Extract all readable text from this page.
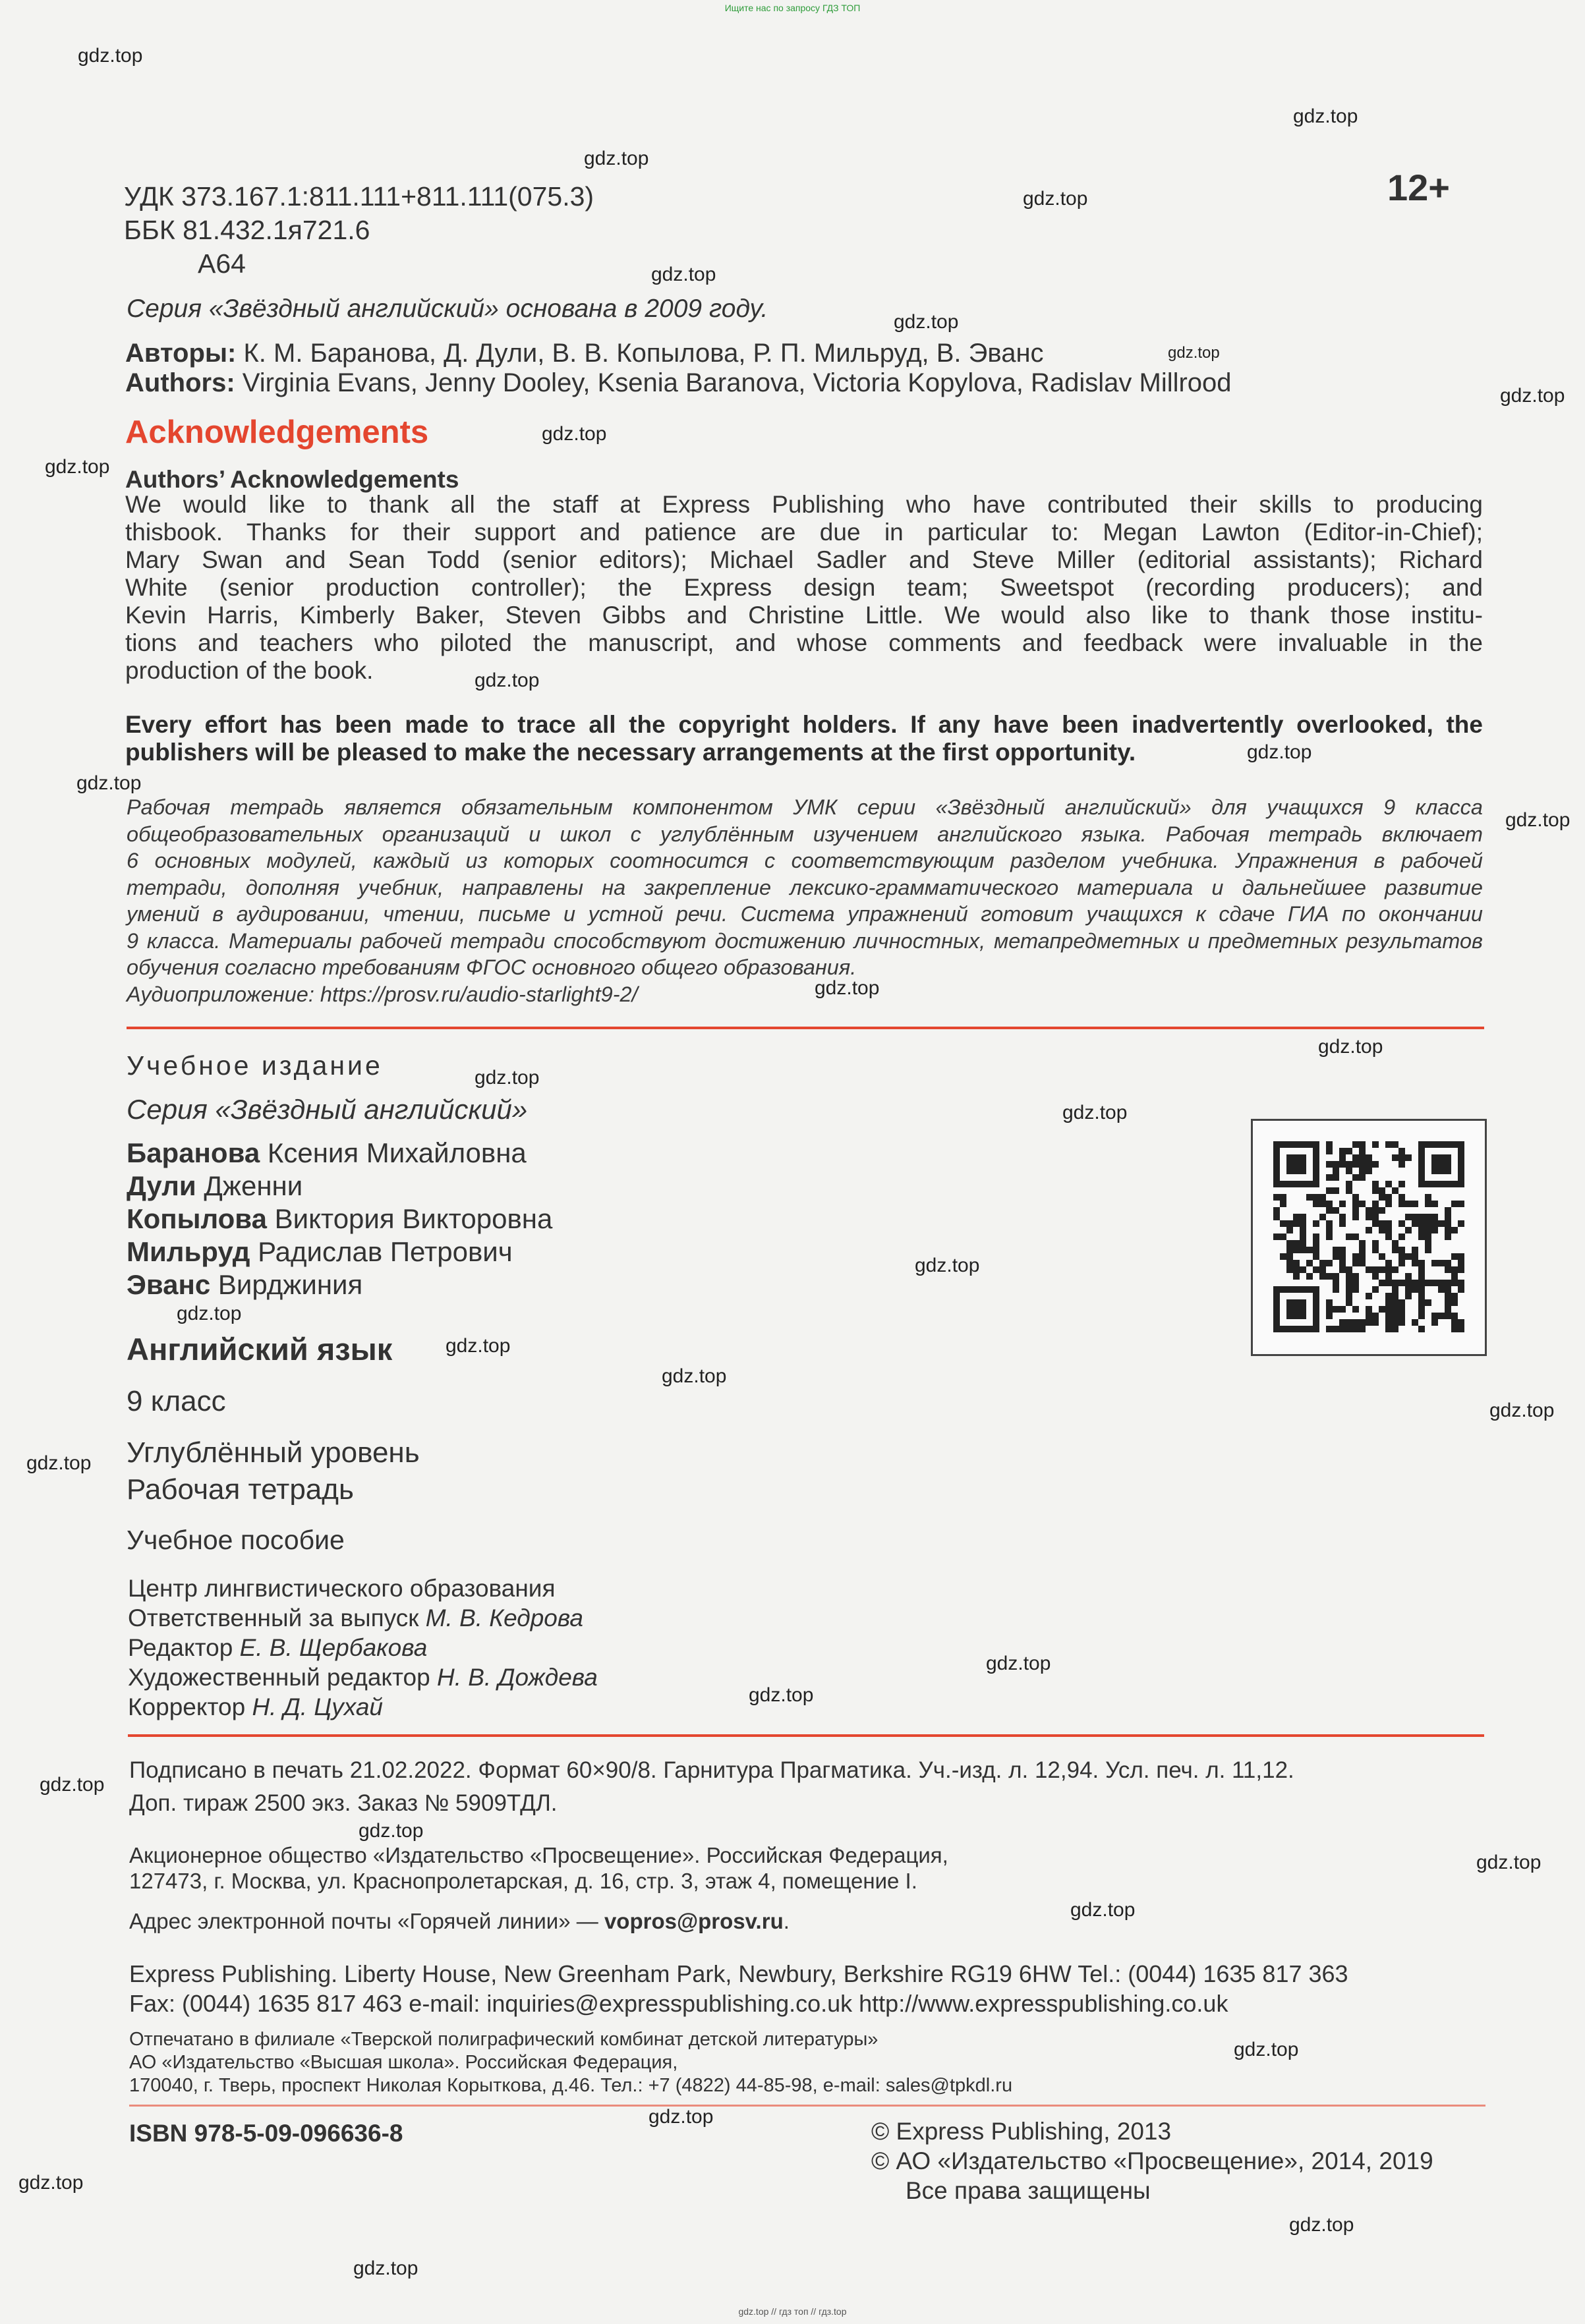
Ищите нас по запросу ГДЗ ТОП
УДК 373.167.1:811.111+811.111(075.3)
ББК 81.432.1я721.6
А64
12+
Серия «Звёздный английский» основана в 2009 году.
Авторы: К. М. Баранова, Д. Дули, В. В. Копылова, Р. П. Мильруд, В. Эванс
Authors: Virginia Evans, Jenny Dooley, Ksenia Baranova, Victoria Kopylova, Radislav Millrood
Acknowledgements
Authors’ Acknowledgements
We would like to thank all the staff at Express Publishing who have contributed their skills to producing
thisbook. Thanks for their support and patience are due in particular to: Megan Lawton (Editor-in-Chief);
Mary Swan and Sean Todd (senior editors); Michael Sadler and Steve Miller (editorial assistants); Richard
White (senior production controller); the Express design team; Sweetspot (recording producers); and
Kevin Harris, Kimberly Baker, Steven Gibbs and Christine Little. We would also like to thank those institu-
tions and teachers who piloted the manuscript, and whose comments and feedback were invaluable in the
production of the book.
Every effort has been made to trace all the copyright holders. If any have been inadvertently overlooked, the
publishers will be pleased to make the necessary arrangements at the first opportunity.
Рабочая тетрадь является обязательным компонентом УМК серии «Звёздный английский» для учащихся 9 класса
общеобразовательных организаций и школ с углублённым изучением английского языка. Рабочая тетрадь включает
6 основных модулей, каждый из которых соотносится с соответствующим разделом учебника. Упражнения в рабочей
тетради, дополняя учебник, направлены на закрепление лексико-грамматического материала и дальнейшее развитие
умений в аудировании, чтении, письме и устной речи. Система упражнений готовит учащихся к сдаче ГИА по окончании
9 класса. Материалы рабочей тетради способствуют достижению личностных, метапредметных и предметных результатов
обучения согласно требованиям ФГОС основного общего образования.
Аудиоприложение: https://prosv.ru/audio-starlight9-2/
Учебное издание
Серия «Звёздный английский»
Баранова Ксения Михайловна
Дули Дженни
Копылова Виктория Викторовна
Мильруд Радислав Петрович
Эванс Вирджиния
Английский язык
9 класс
Углублённый уровень
Рабочая тетрадь
Учебное пособие
Центр лингвистического образования
Ответственный за выпуск М. В. Кедрова
Редактор Е. В. Щербакова
Художественный редактор Н. В. Дождева
Корректор Н. Д. Цухай
Подписано в печать 21.02.2022. Формат 60×90/8. Гарнитура Прагматика. Уч.-изд. л. 12,94. Усл. печ. л. 11,12.
Доп. тираж 2500 экз. Заказ № 5909ТДЛ.
Акционерное общество «Издательство «Просвещение». Российская Федерация,
127473, г. Москва, ул. Краснопролетарская, д. 16, стр. 3, этаж 4, помещение I.
Адрес электронной почты «Горячей линии» — vopros@prosv.ru.
Express Publishing. Liberty House, New Greenham Park, Newbury, Berkshire RG19 6HW Tel.: (0044) 1635 817 363
Fax: (0044) 1635 817 463 e-mail: inquiries@expresspublishing.co.uk http://www.expresspublishing.co.uk
Отпечатано в филиале «Тверской полиграфический комбинат детской литературы»
АО «Издательство «Высшая школа». Российская Федерация,
170040, г. Тверь, проспект Николая Корыткова, д.46. Тел.: +7 (4822) 44-85-98, e-mail: sales@tpkdl.ru
ISBN 978-5-09-096636-8	© Express Publishing, 2013
© АО «Издательство «Просвещение», 2014, 2019
Все права защищены
gdz.top
gdz.top
gdz.top
gdz.top
gdz.top
gdz.top
gdz.top
gdz.top
gdz.top
gdz.top
gdz.top
gdz.top
gdz.top
gdz.top
gdz.top
gdz.top
gdz.top
gdz.top
gdz.top
gdz.top
gdz.top
gdz.top
gdz.top
gdz.top
gdz.top
gdz.top
gdz.top
gdz.top
gdz.top
gdz.top
gdz.top
gdz.top
gdz.top
gdz.top
gdz.top
gdz.top // гдз топ // гдз.top
